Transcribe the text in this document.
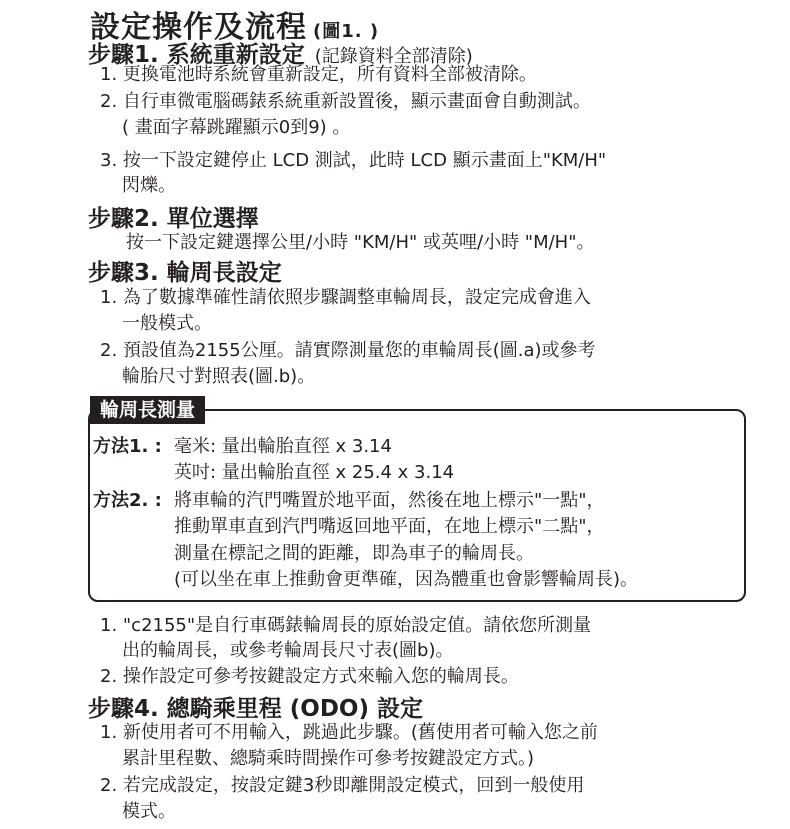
設定操作及流程 (圖1. )
步驟1. 系統重新設定 (記錄資料全部清除)
1. 更換電池時系統會重新設定，所有資料全部被清除。
2. 自行車微電腦碼錶系統重新設置後，顯示畫面會自動測試。
( 畫面字幕跳躍顯示0到9) 。
3. 按一下設定鍵停止 LCD 測試，此時 LCD 顯示畫面上"KM/H"
閃爍。
步驟2. 單位選擇
按一下設定鍵選擇公里/小時 "KM/H" 或英哩/小時 "M/H"。
步驟3. 輪周長設定
1. 為了數據準確性請依照步驟調整車輪周長，設定完成會進入
一般模式。
2. 預設值為2155公厘。請實際測量您的車輪周長(圖.a)或參考
輪胎尺寸對照表(圖.b)。
輪周長測量
方法1. : 毫米: 量出輪胎直徑 x 3.14
英吋: 量出輪胎直徑 x 25.4 x 3.14
方法2. : 將車輪的汽門嘴置於地平面，然後在地上標示"一點"，
推動單車直到汽門嘴返回地平面，在地上標示"二點"，
測量在標記之間的距離，即為車子的輪周長。
(可以坐在車上推動會更準確，因為體重也會影響輪周長)。
1. "c2155"是自行車碼錶輪周長的原始設定值。請依您所測量
出的輪周長，或參考輪周長尺寸表(圖b)。
2. 操作設定可參考按鍵設定方式來輸入您的輪周長。
步驟4. 總騎乘里程 (ODO) 設定
1. 新使用者可不用輸入，跳過此步驟。(舊使用者可輸入您之前
累計里程數、總騎乘時間操作可參考按鍵設定方式。)
2. 若完成設定，按設定鍵3秒即離開設定模式，回到一般使用
模式。
